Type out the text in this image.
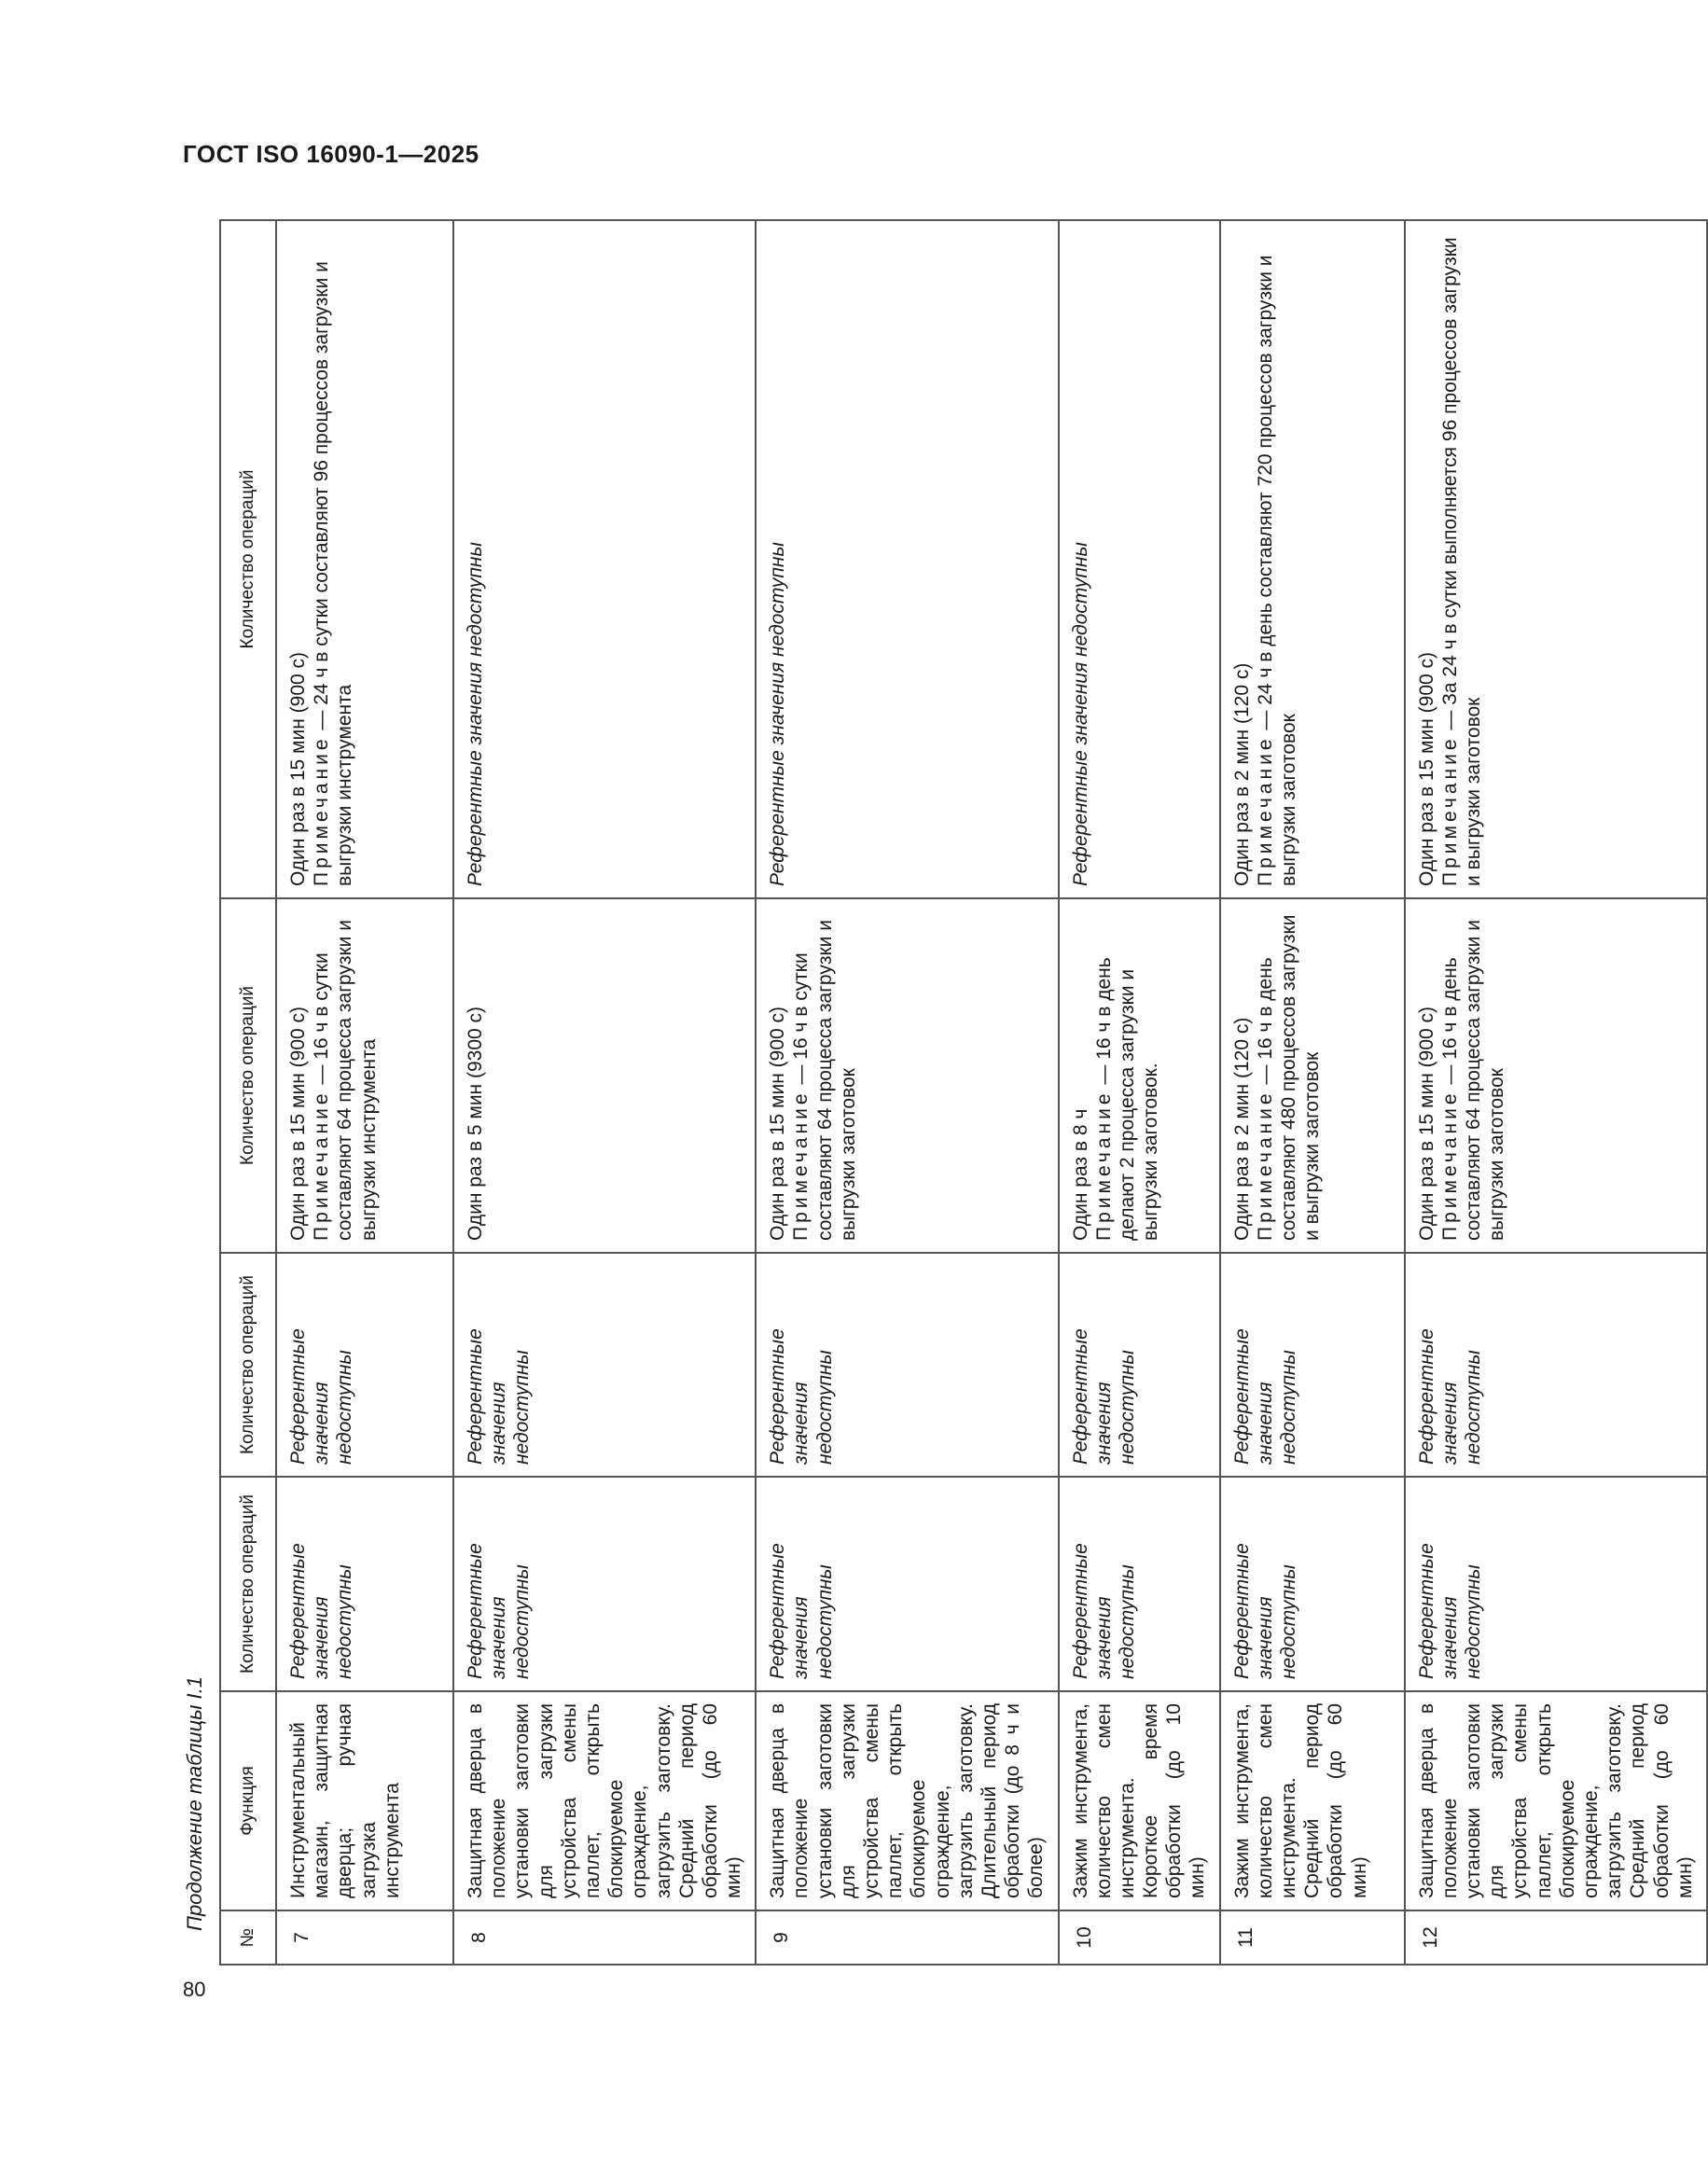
ГОСТ ISO 16090-1—2025
Продолжение таблицы I.1
80
№	Функция	Количество операций	Количество операций	Количество операций	Количество операций
7	Инструментальный магазин, защитная дверца; ручная загрузка инструмента	Референтные значения недоступны	Референтные значения недоступны	Один раз в 15 мин (900 с) Примечание — 16 ч в сутки составляют 64 процесса загрузки и выгрузки инструмента	Один раз в 15 мин (900 с) Примечание — 24 ч в сутки составляют 96 процессов загрузки и выгрузки инструмента

8	Защитная дверца в положение установки заготовки для загрузки устройства смены паллет, открыть блокируемое ограждение, загрузить заготовку. Средний период обработки (до 60 мин)	Референтные значения недоступны	Референтные значения недоступны	Один раз в 5 мин (9300 с)	Референтные значения недоступны

9	Защитная дверца в положение установки заготовки для загрузки устройства смены паллет, открыть блокируемое ограждение, загрузить заготовку. Длительный период обработки (до 8 ч и более)	Референтные значения недоступны	Референтные значения недоступны	Один раз в 15 мин (900 с) Примечание — 16 ч в сутки составляют 64 процесса загрузки и выгрузки заготовок	Референтные значения недоступны

10	Зажим инструмента, количество смен инструмента. Короткое время обработки (до 10 мин)	Референтные значения недоступны	Референтные значения недоступны	Один раз в 8 ч Примечание — 16 ч в день делают 2 процесса загрузки и выгрузки заготовок.	Референтные значения недоступны

11	Зажим инструмента, количество смен инструмента. Средний период обработки (до 60 мин)	Референтные значения недоступны	Референтные значения недоступны	Один раз в 2 мин (120 с) Примечание — 16 ч в день составляют 480 процессов загрузки и выгрузки заготовок	Один раз в 2 мин (120 с) Примечание — 24 ч в день составляют 720 процессов загрузки и выгрузки заготовок

12	Защитная дверца в положение установки заготовки для загрузки устройства смены паллет, открыть блокируемое ограждение, загрузить заготовку. Средний период обработки (до 60 мин)	Референтные значения недоступны	Референтные значения недоступны	Один раз в 15 мин (900 с) Примечание — 16 ч в день составляют 64 процесса загрузки и выгрузки заготовок	Один раз в 15 мин (900 с) Примечание — За 24 ч в сутки выполняется 96 процессов загрузки и выгрузки заготовок
